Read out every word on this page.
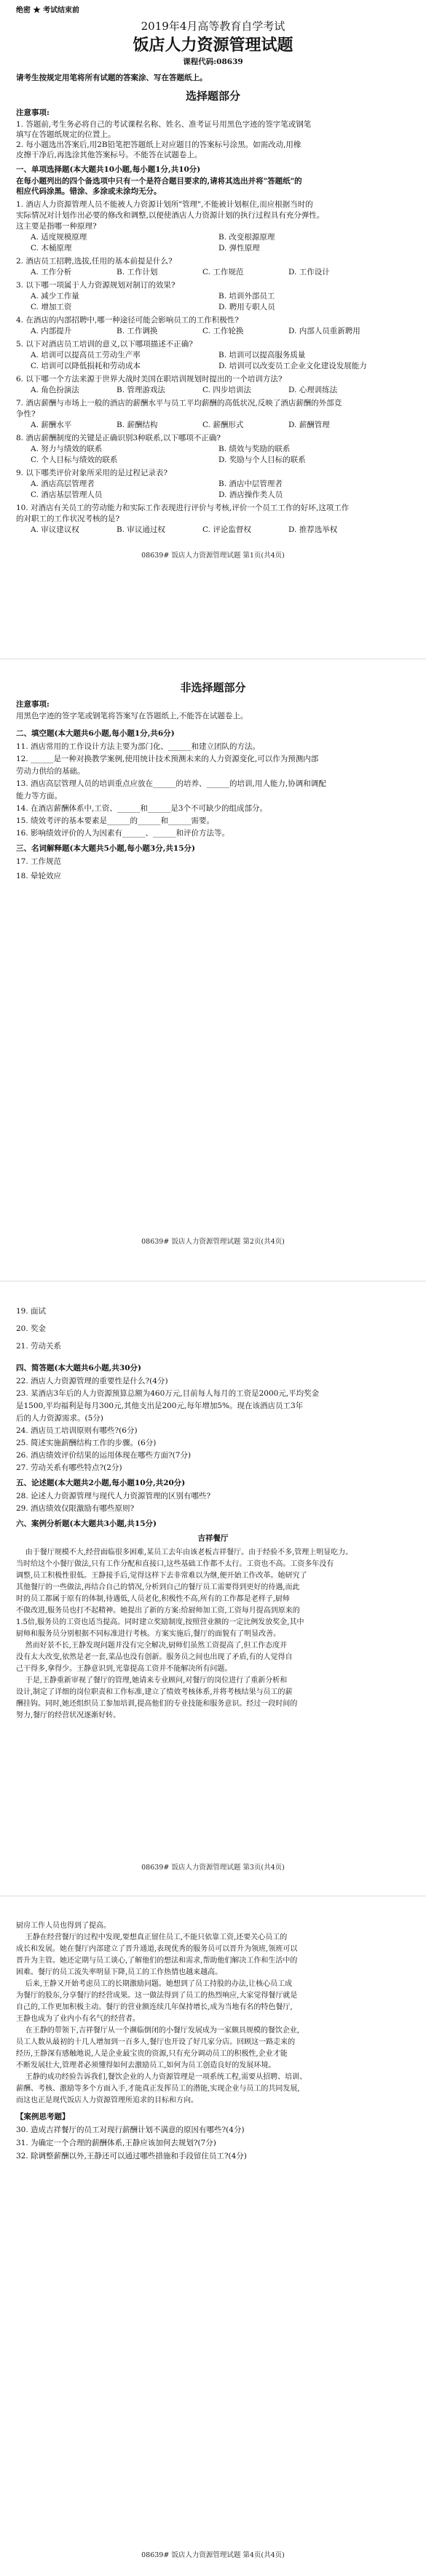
绝密 ★ 考试结束前
2019年4月高等教育自学考试
饭店人力资源管理试题
课程代码:08639
请考生按规定用笔将所有试题的答案涂、写在答题纸上。
选择题部分
注意事项:
1. 答题前,考生务必将自己的考试课程名称、姓名、准考证号用黑色字迹的签字笔或钢笔
填写在答题纸规定的位置上。
2. 每小题选出答案后,用2B铅笔把答题纸上对应题目的答案标号涂黑。如需改动,用橡
皮擦干净后,再选涂其他答案标号。不能答在试题卷上。
一、单项选择题(本大题共10小题,每小题1分,共10分)
在每小题列出的四个备选项中只有一个是符合题目要求的,请将其选出并将"答题纸"的
相应代码涂黑。错涂、多涂或未涂均无分。
1. 酒店人力资源管理人员不能被人力资源计划所"管理",不能被计划框住,而应根据当时的
实际情况对计划作出必要的修改和调整,以便使酒店人力资源计划的执行过程具有充分弹性。
这主要是指哪一种原理?
A. 适度规模原理	B. 改变根源原理
C. 木桶原理	D. 弹性原理
2. 酒店员工招聘,选拔,任用的基本前提是什么?
A. 工作分析	B. 工作计划	C. 工作规范	D. 工作设计
3. 以下哪一项属于人力资源规划对制订的效果?
A. 减少工作量	B. 培训外部员工
C. 增加工资	D. 聘用专职人员
4. 在酒店的内部招聘中,哪一种途径可能会影响员工的工作积极性?
A. 内部提升	B. 工作调换	C. 工作轮换	D. 内部人员重新聘用
5. 以下对酒店员工培训的意义,以下哪项描述不正确?
A. 培训可以提高员工劳动生产率	B. 培训可以提高服务质量
C. 培训可以降低损耗和劳动成本	D. 培训可以改变员工企业文化建设发展能力
6. 以下哪一个方法来源于世界大战时美国在职培训规划时提出的一个培训方法?
A. 角色扮演法	B. 管理游戏法	C. 四步培训法	D. 心理训练法
7. 酒店薪酬与市场上一般的酒店的薪酬水平与员工平均薪酬的高低状况,反映了酒店薪酬的外部竞
争性?
A. 薪酬水平	B. 薪酬结构	C. 薪酬形式	D. 薪酬管理
8. 酒店薪酬制度的关键是正确识别3种联系,以下哪项不正确?
A. 努力与绩效的联系	B. 绩效与奖励的联系
C. 个人目标与绩效的联系	D. 奖励与个人目标的联系
9. 以下哪类评价对象所采用的是过程记录表?
A. 酒店高层管理者	B. 酒店中层管理者
C. 酒店基层管理人员	D. 酒店操作类人员
10. 对酒店有关员工的劳动能力和实际工作表现进行评价与考核,评价一个员工工作的好坏,这项工作
的对职工的工作状况考核的是?
A. 审议建议权	B. 审议通过权	C. 评论监督权	D. 推荐选举权
08639# 饭店人力资源管理试题 第1页(共4页)
非选择题部分
注意事项:
用黑色字迹的签字笔或钢笔将答案写在答题纸上,不能答在试题卷上。
二、填空题(本大题共6小题,每小题1分,共6分)
11. 酒店常用的工作设计方法主要为部门化、______和建立团队的方法。
12. ______是一种对换教学案例,使用统计技术预测未来的人力资源变化,可以作为预测内部
劳动力供给的基础。
13. 酒店高层管理人员的培训重点应放在______的培养、______的培训,用人能力,协调和调配
能力等方面。
14. 在酒店薪酬体系中,工资、______和______是3个不可缺少的组成部分。
15. 绩效考评的基本要素是______的______和______需要。
16. 影响绩效评价的人为因素有______、______和评价方法等。
三、名词解释题(本大题共5小题,每小题3分,共15分)
17. 工作规范
18. 晕轮效应
08639# 饭店人力资源管理试题 第2页(共4页)
19. 面试
20. 奖金
21. 劳动关系
四、简答题(本大题共6小题,共30分)
22. 酒店人力资源管理的重要性是什么?(4分)
23. 某酒店3年后的人力资源预算总额为460万元,目前每人每月的工资是2000元,平均奖金
是1500,平均福利是每月300元,其他支出是200元,每年增加5%。现在该酒店员工3年
后的人力资源需求。(5分)
24. 酒店员工培训原则有哪些?(6分)
25. 简述实施薪酬结构工作的步骤。(6分)
26. 酒店绩效评价结果的运用体现在哪些方面?(7分)
27. 劳动关系有哪些特点?(2分)
五、论述题(本大题共2小题,每小题10分,共20分)
28. 论述人力资源管理与现代人力资源管理的区别有哪些?
29. 酒店绩效仅限激励有哪些原则?
六、案例分析题(本大题共3小题,共15分)
吉祥餐厅
由于餐厅规模不大,经营面临很多困难,某员工去年由该老板吉祥餐厅。由于经验不多,管理上明显吃力。
当时给这个小餐厅做法,只有工作分配和直接口,这些基础工作都不太行。工资也不高。工资多年没有
调整,员工积极性很低。王静接手后,觉得这样下去非常难以为继,便开始工作改革。她研究了
其他餐厅的一些做法,再结合自己的情况,分析到自己的餐厅员工需要得到更好的待遇,而此
时的员工都属于原有的体制,待遇低,人员老化,积极性不高,所有的工作都是老样子,厨师
不做改进,服务员也打不起精神。她提出了新的方案:给厨师加工资,工资每月提高到原来的
1.5倍,服务员的工资也适当提高。同时建立奖励制度,按照营业额的一定比例发放奖金,其中
厨师和服务员分别根据不同标准进行考核。方案实施后,餐厅的面貌有了明显改善。
然而好景不长,王静发现问题并没有完全解决,厨师们虽然工资提高了,但工作态度并
没有太大改变,依然是老一套,菜品也没有创新。服务员之间也出现了矛盾,有的人觉得自
己干得多,拿得少。王静意识到,光靠提高工资并不能解决所有问题。
于是,王静重新审视了餐厅的管理,她请来专业顾问,对餐厅的岗位进行了重新分析和
设计,制定了详细的岗位职责和工作标准,建立了绩效考核体系,并将考核结果与员工的薪
酬挂钩。同时,她还组织员工参加培训,提高他们的专业技能和服务意识。经过一段时间的
努力,餐厅的经营状况逐渐好转。
08639# 饭店人力资源管理试题 第3页(共4页)
厨房工作人员也得到了提高。
王静在经营餐厅的过程中发现,要想真正留住员工,不能只依靠工资,还要关心员工的
成长和发展。她在餐厅内部建立了晋升通道,表现优秀的服务员可以晋升为领班,领班可以
晋升为主管。她还定期与员工谈心,了解他们的想法和需求,帮助他们解决工作和生活中的
困难。餐厅的员工流失率明显下降,员工的工作热情也越来越高。
后来,王静又开始考虑员工的长期激励问题。她想到了员工持股的办法,让核心员工成
为餐厅的股东,分享餐厅的经营成果。这一做法得到了员工的热烈响应,大家觉得餐厅就是
自己的,工作更加积极主动。餐厅的营业额连续几年保持增长,成为当地有名的特色餐厅,
王静也成为了业内小有名气的经营者。
在王静的带领下,吉祥餐厅从一个濒临倒闭的小餐厅发展成为一家颇具规模的餐饮企业,
员工人数从最初的十几人增加到一百多人,餐厅也开设了好几家分店。回顾这一路走来的
经历,王静深有感触地说,人是企业最宝贵的资源,只有充分调动员工的积极性,企业才能
不断发展壮大,管理者必须懂得如何去激励员工,如何为员工创造良好的发展环境。
王静的成功经验告诉我们,餐饮企业的人力资源管理是一项系统工程,需要从招聘、培训、
薪酬、考核、激励等多个方面入手,才能真正发挥员工的潜能,实现企业与员工的共同发展,
而这也正是现代饭店人力资源管理所追求的目标和方向。
【案例思考题】
30. 造成吉祥餐厅的员工对现行薪酬计划不满意的原因有哪些?(4分)
31. 为确定一个合理的薪酬体系,王静应该加何去规划?(7分)
32. 除调整薪酬以外,王静还可以通过哪些措施和手段留住员工?(4分)
08639# 饭店人力资源管理试题 第4页(共4页)
